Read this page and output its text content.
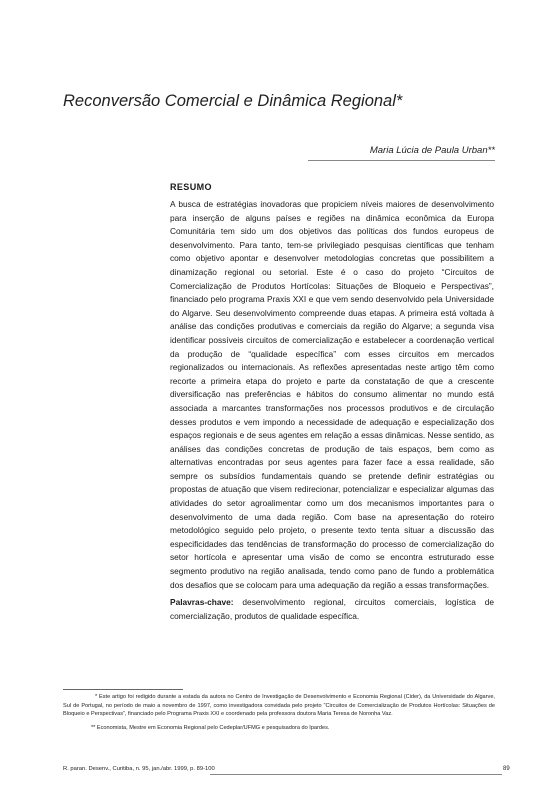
Reconversão Comercial e Dinâmica Regional*
Maria Lúcia de Paula Urban**
RESUMO

A busca de estratégias inovadoras que propiciem níveis maiores de desenvolvimento para inserção de alguns países e regiões na dinâmica econômica da Europa Comunitária tem sido um dos objetivos das políticas dos fundos europeus de desenvolvimento. Para tanto, tem-se privilegiado pesquisas científicas que tenham como objetivo apontar e desenvolver metodologias concretas que possibilitem a dinamização regional ou setorial. Este é o caso do projeto “Circuitos de Comercialização de Produtos Hortícolas: Situações de Bloqueio e Perspectivas”, financiado pelo programa Praxis XXI e que vem sendo desenvolvido pela Universidade do Algarve. Seu desenvolvimento compreende duas etapas. A primeira está voltada à análise das condições produtivas e comerciais da região do Algarve; a segunda visa identificar possíveis circuitos de comercialização e estabelecer a coordenação vertical da produção de “qualidade específica” com esses circuitos em mercados regionalizados ou internacionais. As reflexões apresentadas neste artigo têm como recorte a primeira etapa do projeto e parte da constatação de que a crescente diversificação nas preferências e hábitos do consumo alimentar no mundo está associada a marcantes transformações nos processos produtivos e de circulação desses produtos e vem impondo a necessidade de adequação e especialização dos espaços regionais e de seus agentes em relação a essas dinâmicas. Nesse sentido, as análises das condições concretas de produção de tais espaços, bem como as alternativas encontradas por seus agentes para fazer face a essa realidade, são sempre os subsídios fundamentais quando se pretende definir estratégias ou propostas de atuação que visem redirecionar, potencializar e especializar algumas das atividades do setor agroalimentar como um dos mecanismos importantes para o desenvolvimento de uma dada região. Com base na apresentação do roteiro metodológico seguido pelo projeto, o presente texto tenta situar a discussão das especificidades das tendências de transformação do processo de comercialização do setor hortícola e apresentar uma visão de como se encontra estruturado esse segmento produtivo na região analisada, tendo como pano de fundo a problemática dos desafios que se colocam para uma adequação da região a essas transformações.

Palavras-chave: desenvolvimento regional, circuitos comerciais, logística de comercialização, produtos de qualidade específica.

* Este artigo foi redigido durante a estada da autora no Centro de Investigação de Desenvolvimento e Economia Regional (Cider), da Universidade do Algarve, Sul de Portugal, no período de maio a novembro de 1997, como investigadora convidada pelo projeto “Circuitos de Comercialização de Produtos Hortícolas: Situações de Bloqueio e Perspectivas”, financiado pelo Programa Praxis XXI e coordenado pela professora doutora Maria Teresa de Noronha Vaz.

** Economista, Mestre em Economia Regional pelo Cedeplar/UFMG e pesquisadora do Ipardes.

R. paran. Desenv., Curitiba, n. 95, jan./abr. 1999, p. 89-100	89
